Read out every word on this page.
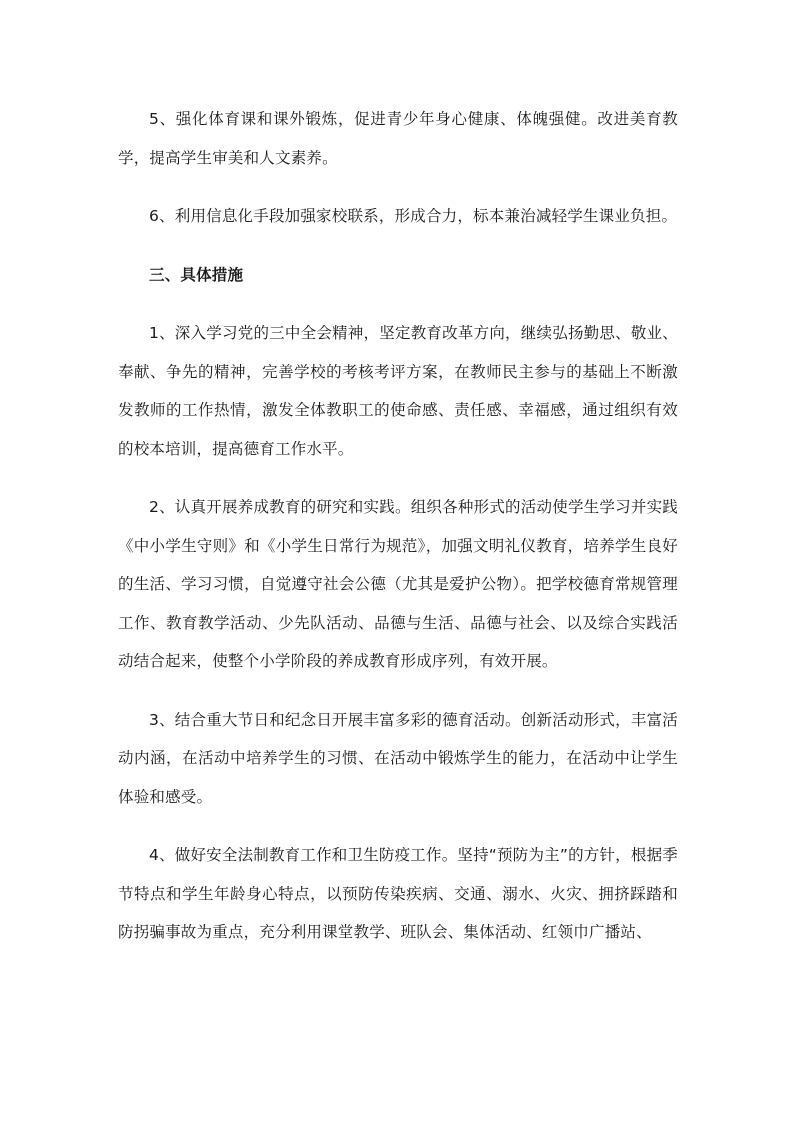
5、强化体育课和课外锻炼，促进青少年身心健康、体魄强健。改进美育教学，提高学生审美和人文素养。

6、利用信息化手段加强家校联系，形成合力，标本兼治减轻学生课业负担。

三、具体措施

1、深入学习党的三中全会精神，坚定教育改革方向，继续弘扬勤思、敬业、奉献、争先的精神，完善学校的考核考评方案，在教师民主参与的基础上不断激发教师的工作热情，激发全体教职工的使命感、责任感、幸福感，通过组织有效的校本培训，提高德育工作水平。

2、认真开展养成教育的研究和实践。组织各种形式的活动使学生学习并实践《中小学生守则》和《小学生日常行为规范》，加强文明礼仪教育，培养学生良好的生活、学习习惯，自觉遵守社会公德（尤其是爱护公物）。把学校德育常规管理工作、教育教学活动、少先队活动、品德与生活、品德与社会、以及综合实践活动结合起来，使整个小学阶段的养成教育形成序列，有效开展。

3、结合重大节日和纪念日开展丰富多彩的德育活动。创新活动形式，丰富活动内涵，在活动中培养学生的习惯、在活动中锻炼学生的能力，在活动中让学生体验和感受。

4、做好安全法制教育工作和卫生防疫工作。坚持“预防为主”的方针，根据季节特点和学生年龄身心特点，以预防传染疾病、交通、溺水、火灾、拥挤踩踏和防拐骗事故为重点，充分利用课堂教学、班队会、集体活动、红领巾广播站、
